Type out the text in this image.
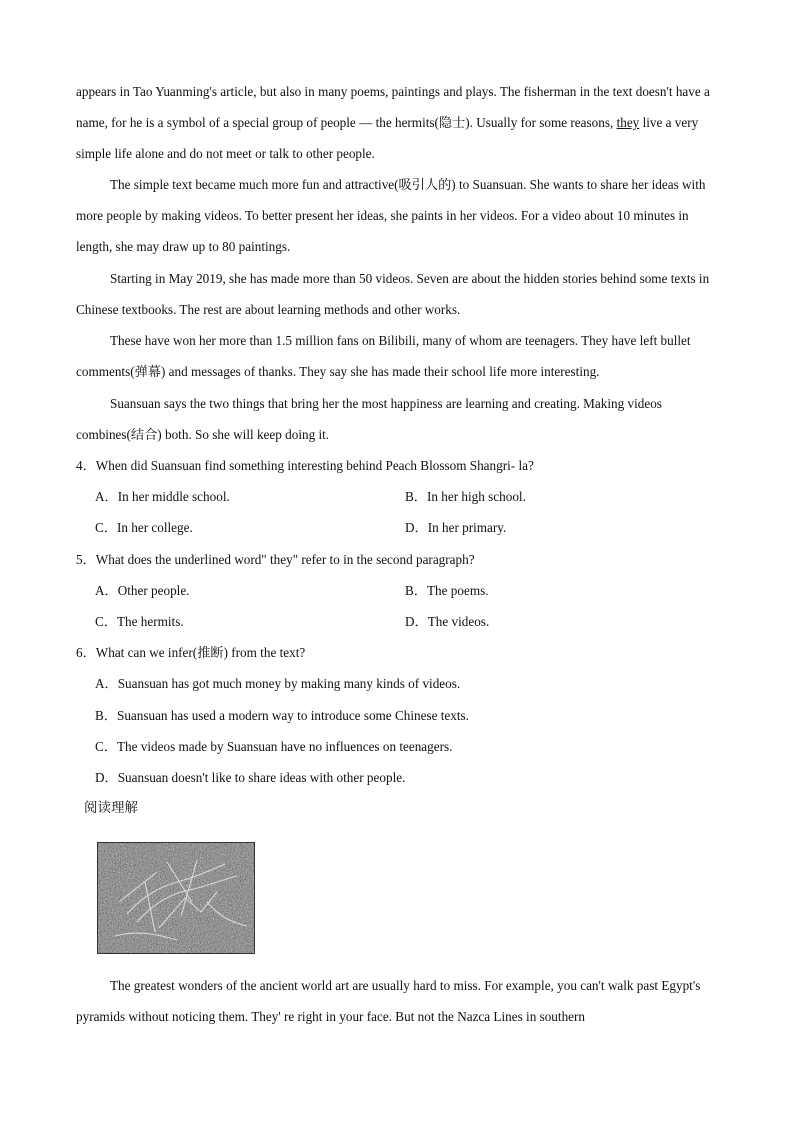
appears in Tao Yuanming's article, but also in many poems, paintings and plays. The fisherman in the text doesn't have a name, for he is a symbol of a special group of people — the hermits(隐士). Usually for some reasons, they live a very simple life alone and do not meet or talk to other people.

The simple text became much more fun and attractive(吸引人的) to Suansuan. She wants to share her ideas with more people by making videos. To better present her ideas, she paints in her videos. For a video about 10 minutes in length, she may draw up to 80 paintings.

Starting in May 2019, she has made more than 50 videos. Seven are about the hidden stories behind some texts in Chinese textbooks. The rest are about learning methods and other works.

These have won her more than 1.5 million fans on Bilibili, many of whom are teenagers. They have left bullet comments(弹幕) and messages of thanks. They say she has made their school life more interesting.

Suansuan says the two things that bring her the most happiness are learning and creating. Making videos combines(结合) both. So she will keep doing it.

4．When did Suansuan find something interesting behind Peach Blossom Shangri- la?
A．In her middle school.	B．In her high school.
C．In her college.	D．In her primary.
5．What does the underlined word" they" refer to in the second paragraph?
A．Other people.	B．The poems.
C．The hermits.	D．The videos.
6．What can we infer(推断) from the text?
A．Suansuan has got much money by making many kinds of videos.
B．Suansuan has used a modern way to introduce some Chinese texts.
C．The videos made by Suansuan have no influences on teenagers.
D．Suansuan doesn't like to share ideas with other people.
阅读理解

The greatest wonders of the ancient world art are usually hard to miss. For example, you can't walk past Egypt's pyramids without noticing them. They' re right in your face. But not the Nazca Lines in southern
